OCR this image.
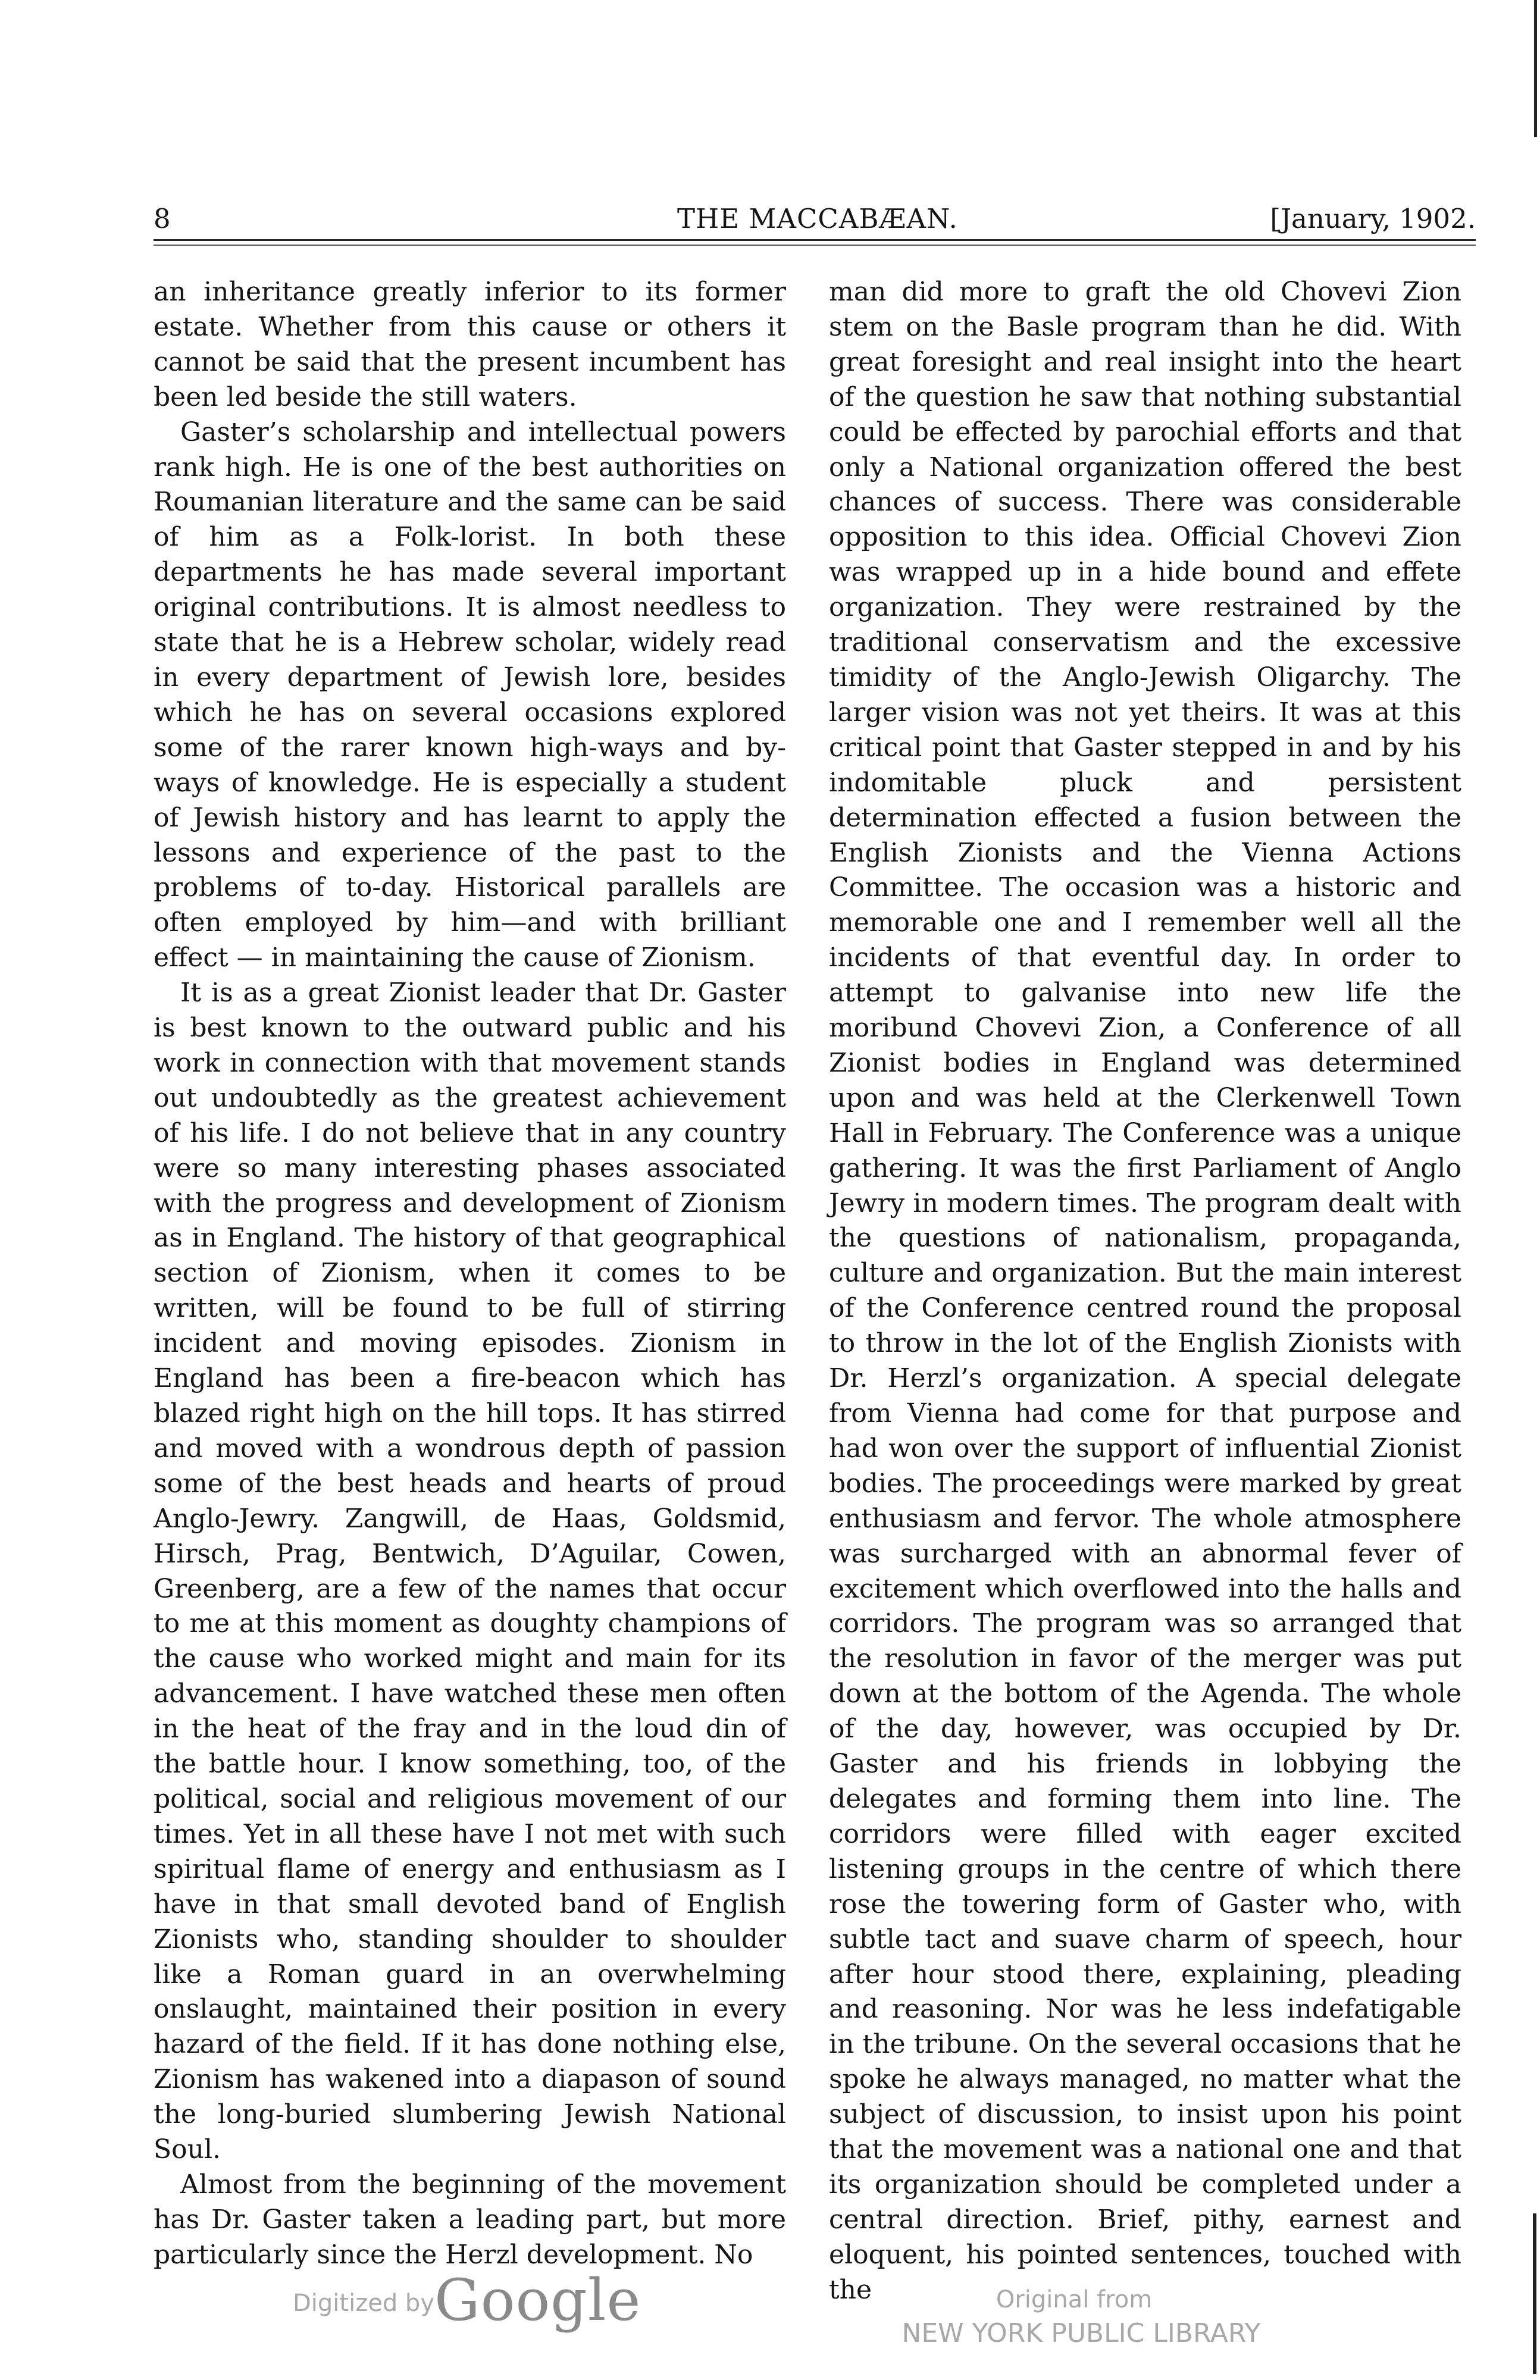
8	THE MACCABÆAN.	[January, 1902.

an inheritance greatly inferior to its former estate. Whether from this cause or others it cannot be said that the present incumbent has been led beside the still waters.

Gaster’s scholarship and intellectual powers rank high. He is one of the best authorities on Roumanian literature and the same can be said of him as a Folk-lorist. In both these departments he has made several important original contributions. It is almost needless to state that he is a Hebrew scholar, widely read in every department of Jewish lore, besides which he has on several occasions explored some of the rarer known high-ways and by-ways of knowledge. He is especially a student of Jewish history and has learnt to apply the lessons and experience of the past to the problems of to-day. Historical parallels are often employed by him—and with brilliant effect — in maintaining the cause of Zionism.

It is as a great Zionist leader that Dr. Gaster is best known to the outward public and his work in connection with that movement stands out undoubtedly as the greatest achievement of his life. I do not believe that in any country were so many interesting phases associated with the progress and development of Zionism as in England. The history of that geographical section of Zionism, when it comes to be written, will be found to be full of stirring incident and moving episodes. Zionism in England has been a fire-beacon which has blazed right high on the hill tops. It has stirred and moved with a wondrous depth of passion some of the best heads and hearts of proud Anglo-Jewry. Zangwill, de Haas, Goldsmid, Hirsch, Prag, Bentwich, D’Aguilar, Cowen, Greenberg, are a few of the names that occur to me at this moment as doughty champions of the cause who worked might and main for its advancement. I have watched these men often in the heat of the fray and in the loud din of the battle hour. I know something, too, of the political, social and religious movement of our times. Yet in all these have I not met with such spiritual flame of energy and enthusiasm as I have in that small devoted band of English Zionists who, standing shoulder to shoulder like a Roman guard in an overwhelming onslaught, maintained their position in every hazard of the field. If it has done nothing else, Zionism has wakened into a diapason of sound the long-buried slumbering Jewish National Soul.

Almost from the beginning of the movement has Dr. Gaster taken a leading part, but more particularly since the Herzl development. No

man did more to graft the old Chovevi Zion stem on the Basle program than he did. With great foresight and real insight into the heart of the question he saw that nothing substantial could be effected by parochial efforts and that only a National organization offered the best chances of success. There was considerable opposition to this idea. Official Chovevi Zion was wrapped up in a hide bound and effete organization. They were restrained by the traditional conservatism and the excessive timidity of the Anglo-Jewish Oligarchy. The larger vision was not yet theirs. It was at this critical point that Gaster stepped in and by his indomitable pluck and persistent determination effected a fusion between the English Zionists and the Vienna Actions Committee. The occasion was a historic and memorable one and I remember well all the incidents of that eventful day. In order to attempt to galvanise into new life the moribund Chovevi Zion, a Conference of all Zionist bodies in England was determined upon and was held at the Clerkenwell Town Hall in February. The Conference was a unique gathering. It was the first Parliament of Anglo Jewry in modern times. The program dealt with the questions of nationalism, propaganda, culture and organization. But the main interest of the Conference centred round the proposal to throw in the lot of the English Zionists with Dr. Herzl’s organization. A special delegate from Vienna had come for that purpose and had won over the support of influential Zionist bodies. The proceedings were marked by great enthusiasm and fervor. The whole atmosphere was surcharged with an abnormal fever of excitement which overflowed into the halls and corridors. The program was so arranged that the resolution in favor of the merger was put down at the bottom of the Agenda. The whole of the day, however, was occupied by Dr. Gaster and his friends in lobbying the delegates and forming them into line. The corridors were filled with eager excited listening groups in the centre of which there rose the towering form of Gaster who, with subtle tact and suave charm of speech, hour after hour stood there, explaining, pleading and reasoning. Nor was he less indefatigable in the tribune. On the several occasions that he spoke he always managed, no matter what the subject of discussion, to insist upon his point that the movement was a national one and that its organization should be completed under a central direction. Brief, pithy, earnest and eloquent, his pointed sentences, touched with the

Digitized by Google	Original from
NEW YORK PUBLIC LIBRARY
